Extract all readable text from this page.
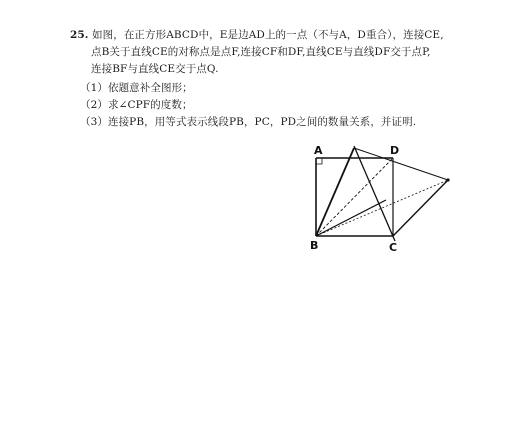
25. 如图，在正方形ABCD中，E是边AD上的一点（不与A，D重合），连接CE,
点B关于直线CE的对称点是点F,连接CF和DF,直线CE与直线DF交于点P,
连接BF与直线CE交于点Q.
（1）依题意补全图形；
（2）求∠CPF的度数；
（3）连接PB，用等式表示线段PB，PC，PD之间的数量关系，并证明.
A	D
B	C
